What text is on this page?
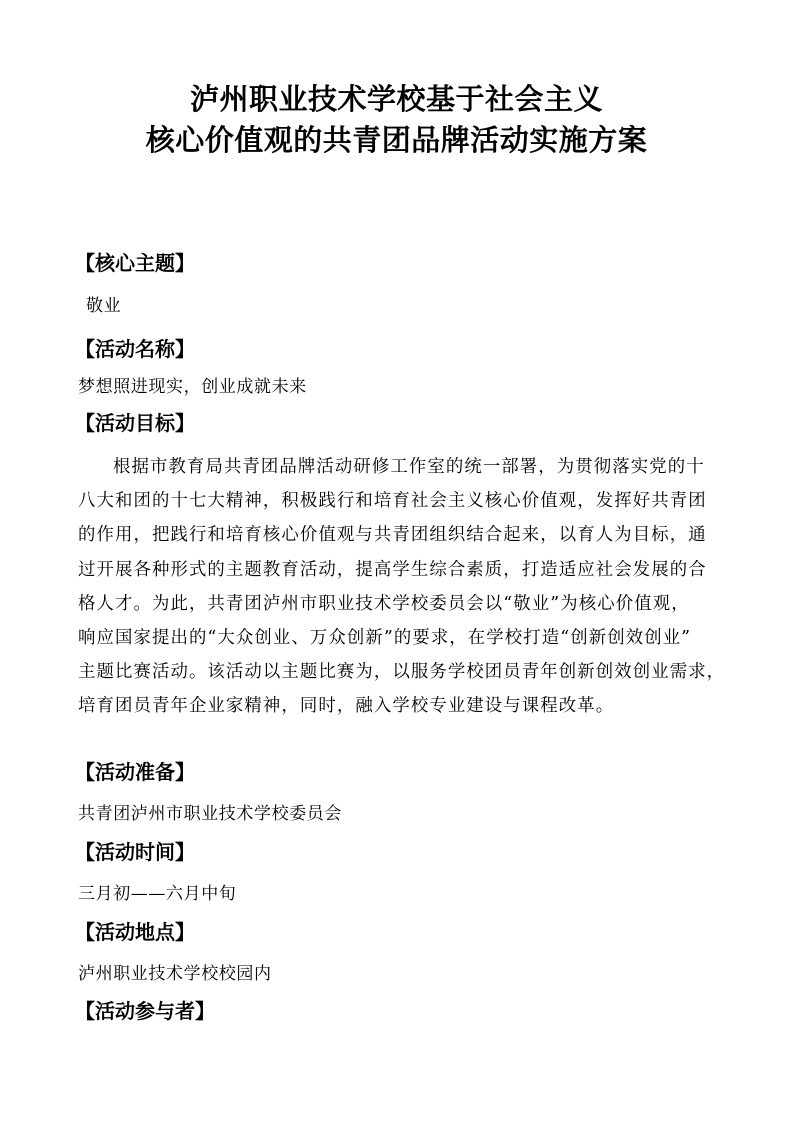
泸州职业技术学校基于社会主义
核心价值观的共青团品牌活动实施方案
【核心主题】
敬业
【活动名称】
梦想照进现实，创业成就未来
【活动目标】
根据市教育局共青团品牌活动研修工作室的统一部署，为贯彻落实党的十
八大和团的十七大精神，积极践行和培育社会主义核心价值观，发挥好共青团
的作用，把践行和培育核心价值观与共青团组织结合起来，以育人为目标，通
过开展各种形式的主题教育活动，提高学生综合素质，打造适应社会发展的合
格人才。为此，共青团泸州市职业技术学校委员会以“敬业”为核心价值观，
响应国家提出的“大众创业、万众创新”的要求，在学校打造“创新创效创业”
主题比赛活动。该活动以主题比赛为，以服务学校团员青年创新创效创业需求，
培育团员青年企业家精神，同时，融入学校专业建设与课程改革。
【活动准备】
共青团泸州市职业技术学校委员会
【活动时间】
三月初——六月中旬
【活动地点】
泸州职业技术学校校园内
【活动参与者】
